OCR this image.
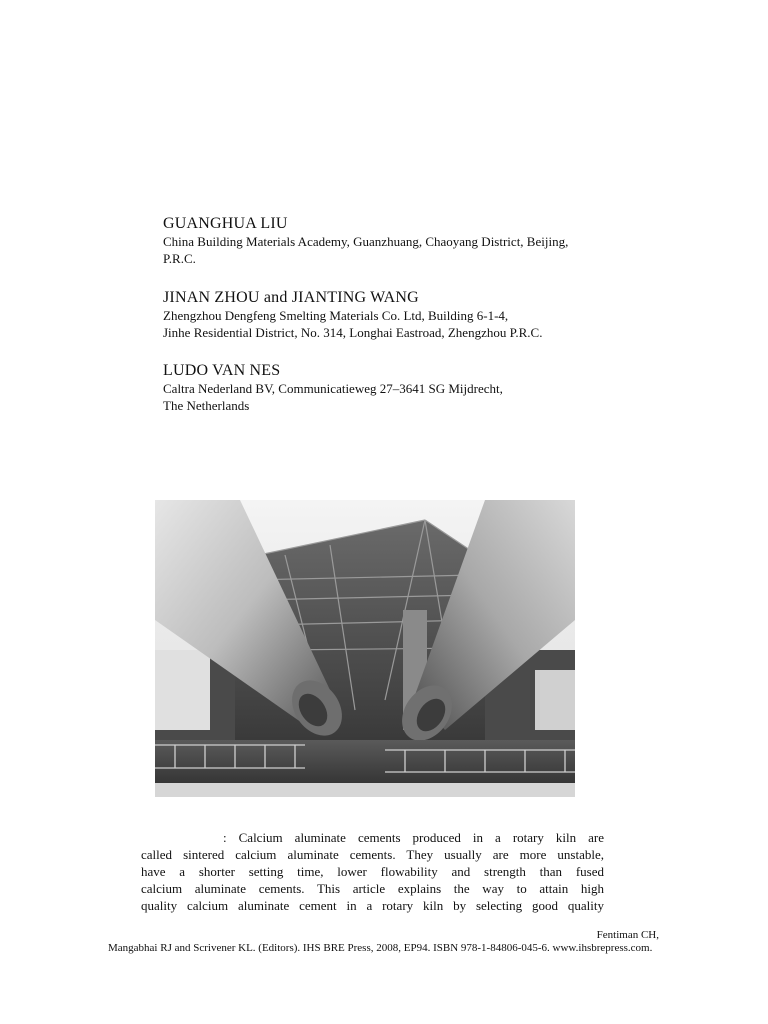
GUANGHUA LIU
China Building Materials Academy, Guanzhuang, Chaoyang District, Beijing,
P.R.C.
JINAN ZHOU and JIANTING WANG
Zhengzhou Dengfeng Smelting Materials Co. Ltd, Building 6-1-4,
Jinhe Residential District, No. 314, Longhai Eastroad, Zhengzhou P.R.C.
LUDO VAN NES
Caltra Nederland BV, Communicatieweg 27–3641 SG Mijdrecht,
The Netherlands
: Calcium aluminate cements produced in a rotary kiln are
called sintered calcium aluminate cements. They usually are more unstable,
have a shorter setting time, lower flowability and strength than fused
calcium aluminate cements. This article explains the way to attain high
quality calcium aluminate cement in a rotary kiln by selecting good quality
Fentiman CH,
Mangabhai RJ and Scrivener KL. (Editors). IHS BRE Press, 2008, EP94. ISBN 978-1-84806-045-6. www.ihsbrepress.com.
